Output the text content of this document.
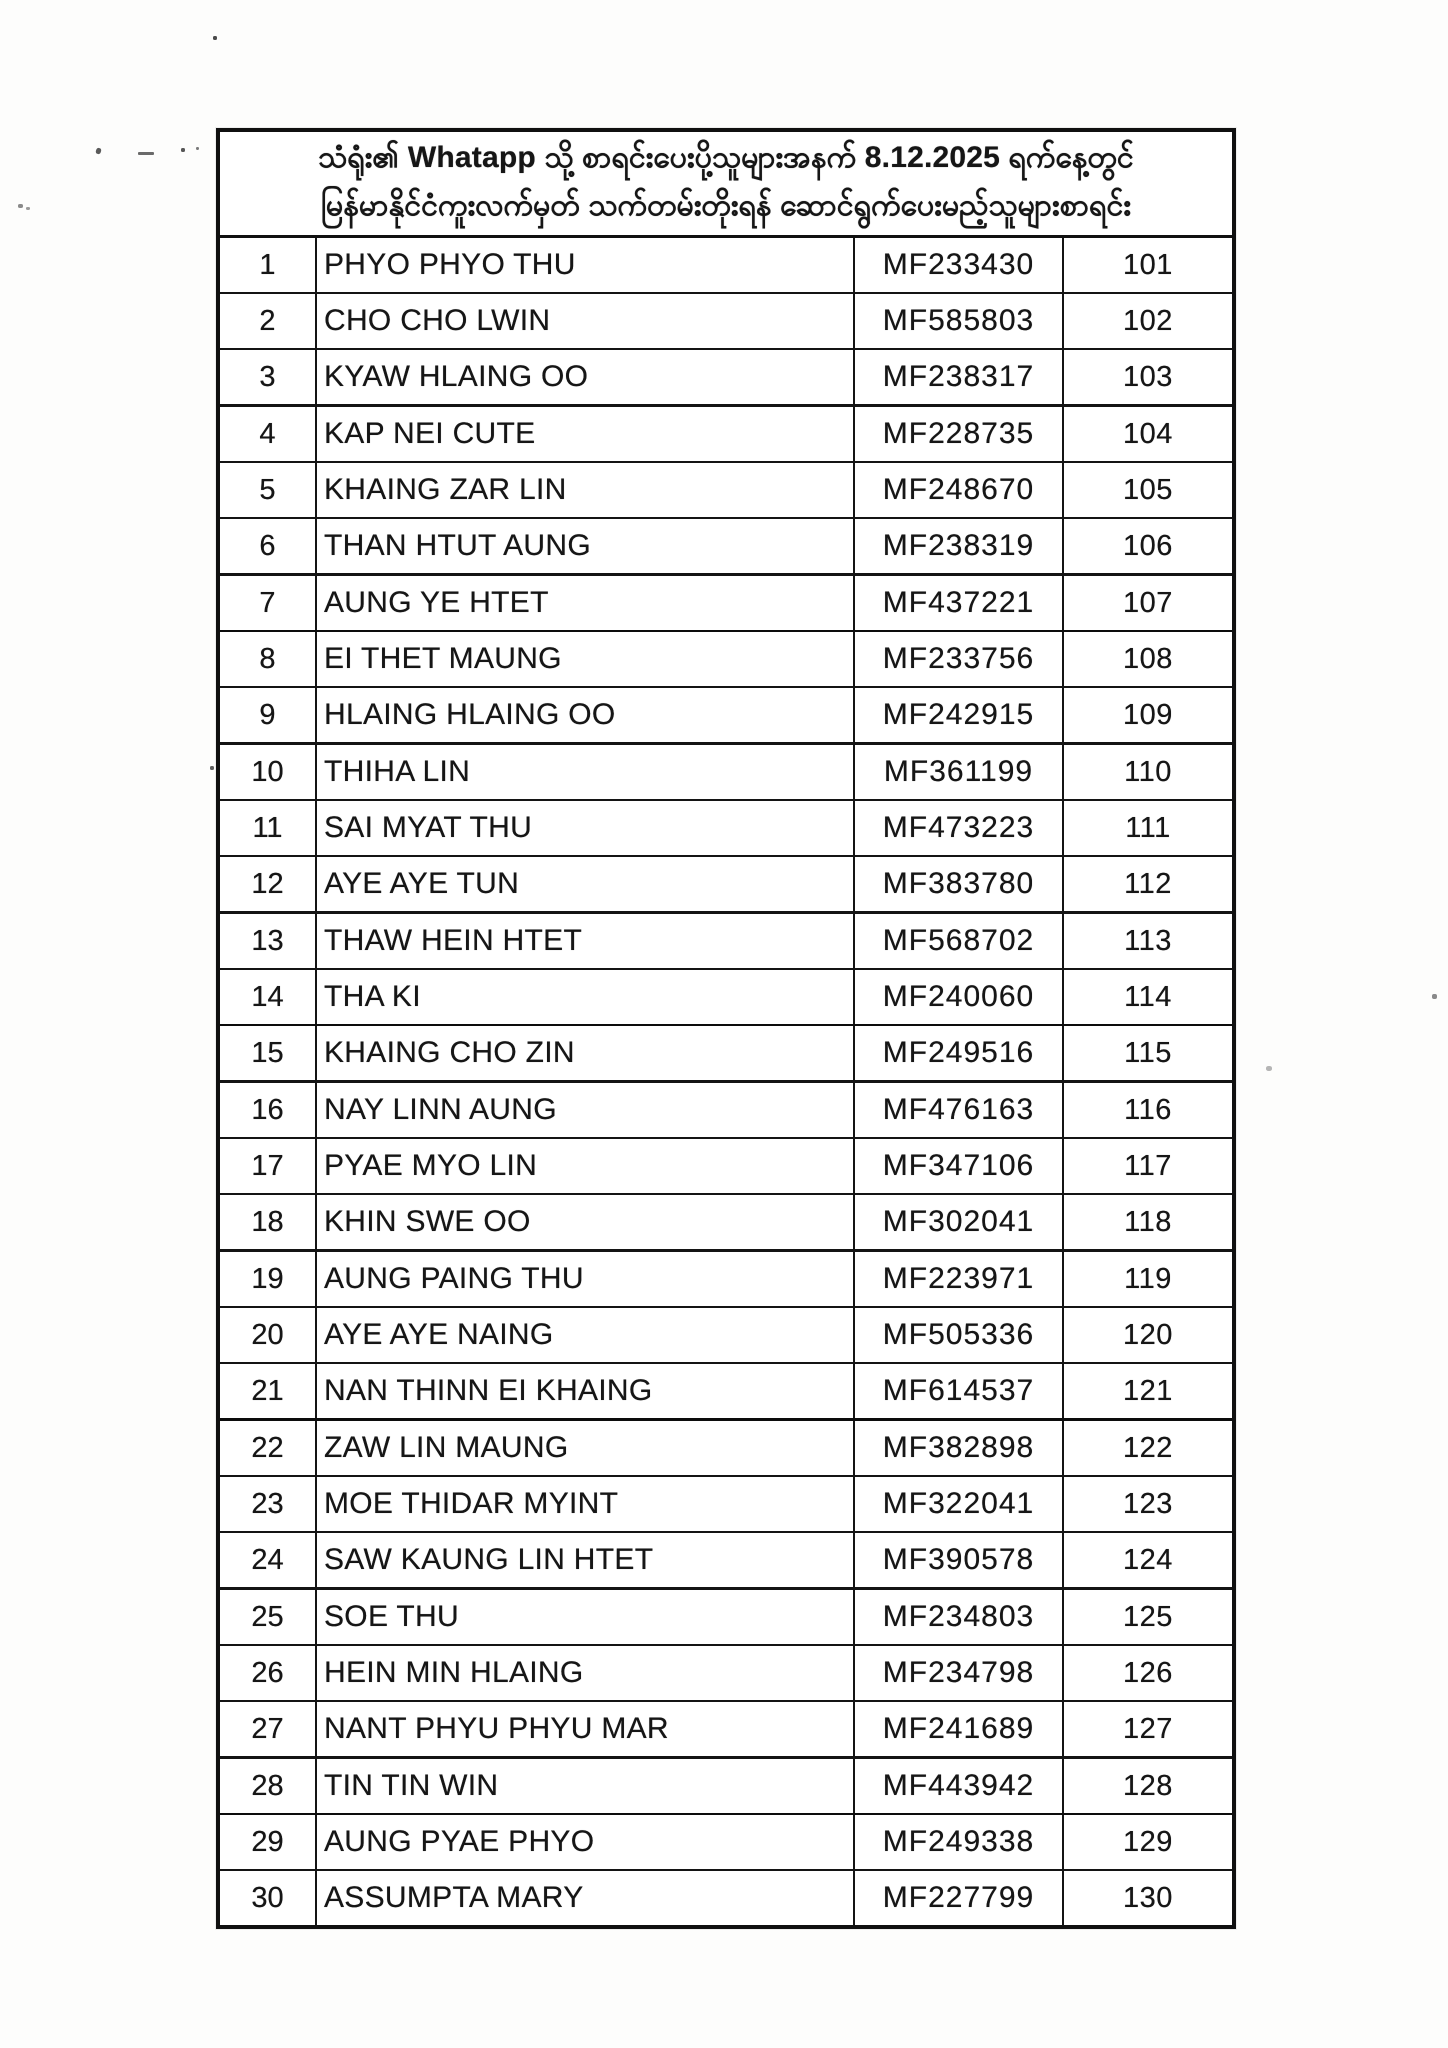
သံရုံး၏ Whatapp သို့ စာရင်းပေးပို့သူများအနက် 8.12.2025 ရက်နေ့တွင်
မြန်မာနိုင်ငံကူးလက်မှတ် သက်တမ်းတိုးရန် ဆောင်ရွက်ပေးမည့်သူများစာရင်း
1	PHYO PHYO THU	MF233430	101
2	CHO CHO LWIN	MF585803	102
3	KYAW HLAING OO	MF238317	103
4	KAP NEI CUTE	MF228735	104
5	KHAING ZAR LIN	MF248670	105
6	THAN HTUT AUNG	MF238319	106
7	AUNG YE HTET	MF437221	107
8	EI THET MAUNG	MF233756	108
9	HLAING HLAING OO	MF242915	109
10	THIHA LIN	MF361199	110
11	SAI MYAT THU	MF473223	111
12	AYE AYE TUN	MF383780	112
13	THAW HEIN HTET	MF568702	113
14	THA KI	MF240060	114
15	KHAING CHO ZIN	MF249516	115
16	NAY LINN AUNG	MF476163	116
17	PYAE MYO LIN	MF347106	117
18	KHIN SWE OO	MF302041	118
19	AUNG PAING THU	MF223971	119
20	AYE AYE NAING	MF505336	120
21	NAN THINN EI KHAING	MF614537	121
22	ZAW LIN MAUNG	MF382898	122
23	MOE THIDAR MYINT	MF322041	123
24	SAW KAUNG LIN HTET	MF390578	124
25	SOE THU	MF234803	125
26	HEIN MIN HLAING	MF234798	126
27	NANT PHYU PHYU MAR	MF241689	127
28	TIN TIN WIN	MF443942	128
29	AUNG PYAE PHYO	MF249338	129
30	ASSUMPTA MARY	MF227799	130
